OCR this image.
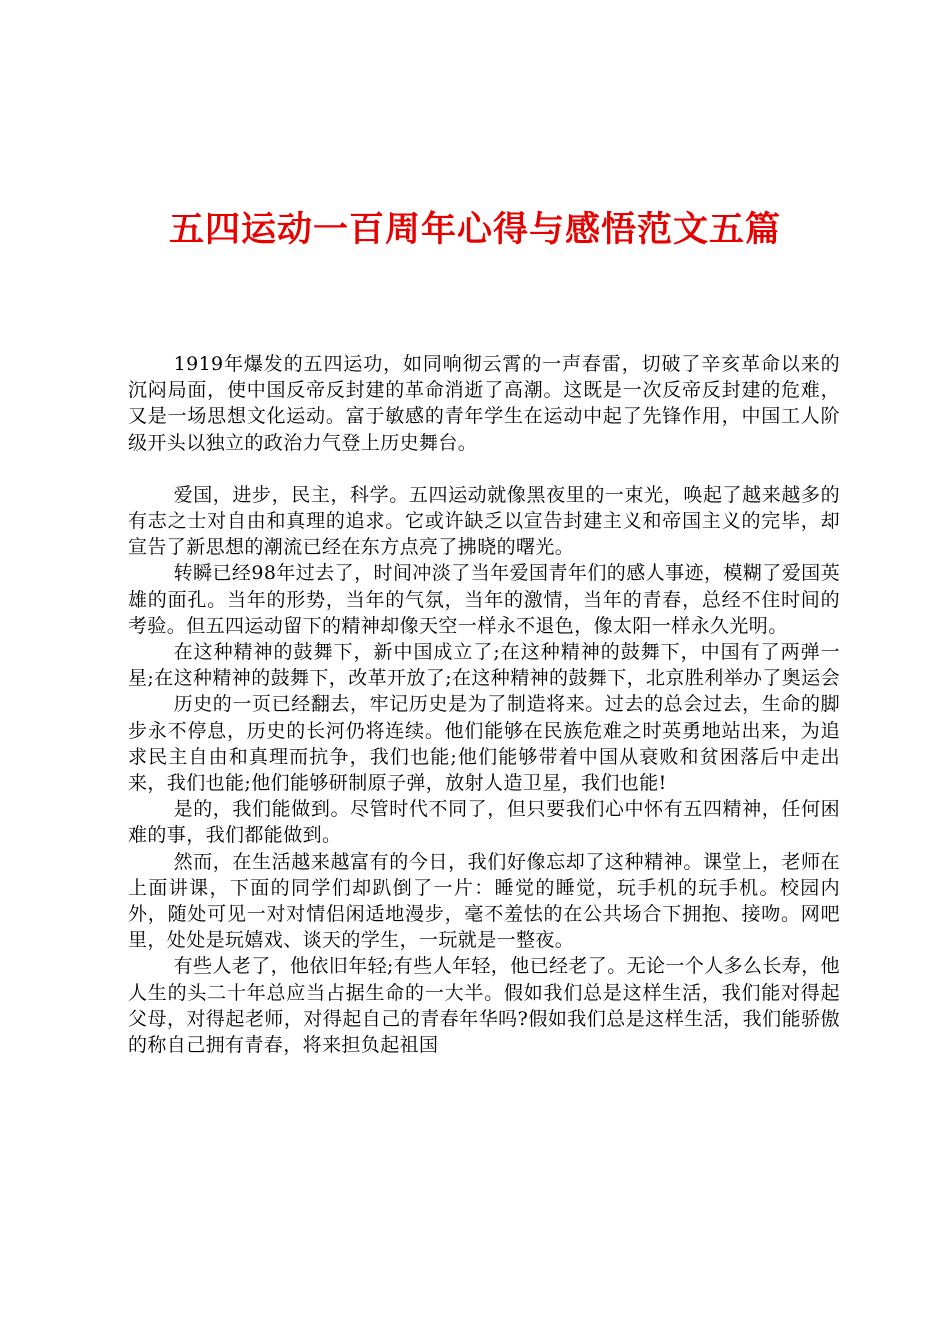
五四运动一百周年心得与感悟范文五篇

1919年爆发的五四运功，如同响彻云霄的一声春雷，切破了辛亥革命以来的沉闷局面，使中国反帝反封建的革命消逝了高潮。这既是一次反帝反封建的危难，又是一场思想文化运动。富于敏感的青年学生在运动中起了先锋作用，中国工人阶级开头以独立的政治力气登上历史舞台。

爱国，进步，民主，科学。五四运动就像黑夜里的一束光，唤起了越来越多的有志之士对自由和真理的追求。它或许缺乏以宣告封建主义和帝国主义的完毕，却宣告了新思想的潮流已经在东方点亮了拂晓的曙光。

转瞬已经98年过去了，时间冲淡了当年爱国青年们的感人事迹，模糊了爱国英雄的面孔。当年的形势，当年的气氛，当年的激情，当年的青春，总经不住时间的考验。但五四运动留下的精神却像天空一样永不退色，像太阳一样永久光明。

在这种精神的鼓舞下，新中国成立了;在这种精神的鼓舞下，中国有了两弹一星;在这种精神的鼓舞下，改革开放了;在这种精神的鼓舞下，北京胜利举办了奥运会

历史的一页已经翻去，牢记历史是为了制造将来。过去的总会过去，生命的脚步永不停息，历史的长河仍将连续。他们能够在民族危难之时英勇地站出来，为追求民主自由和真理而抗争，我们也能;他们能够带着中国从衰败和贫困落后中走出来，我们也能;他们能够研制原子弹，放射人造卫星，我们也能!

是的，我们能做到。尽管时代不同了，但只要我们心中怀有五四精神，任何困难的事，我们都能做到。

然而，在生活越来越富有的今日，我们好像忘却了这种精神。课堂上，老师在上面讲课，下面的同学们却趴倒了一片：睡觉的睡觉，玩手机的玩手机。校园内外，随处可见一对对情侣闲适地漫步，毫不羞怯的在公共场合下拥抱、接吻。网吧里，处处是玩嬉戏、谈天的学生，一玩就是一整夜。

有些人老了，他依旧年轻;有些人年轻，他已经老了。无论一个人多么长寿，他人生的头二十年总应当占据生命的一大半。假如我们总是这样生活，我们能对得起父母，对得起老师，对得起自己的青春年华吗?假如我们总是这样生活，我们能骄傲的称自己拥有青春，将来担负起祖国
